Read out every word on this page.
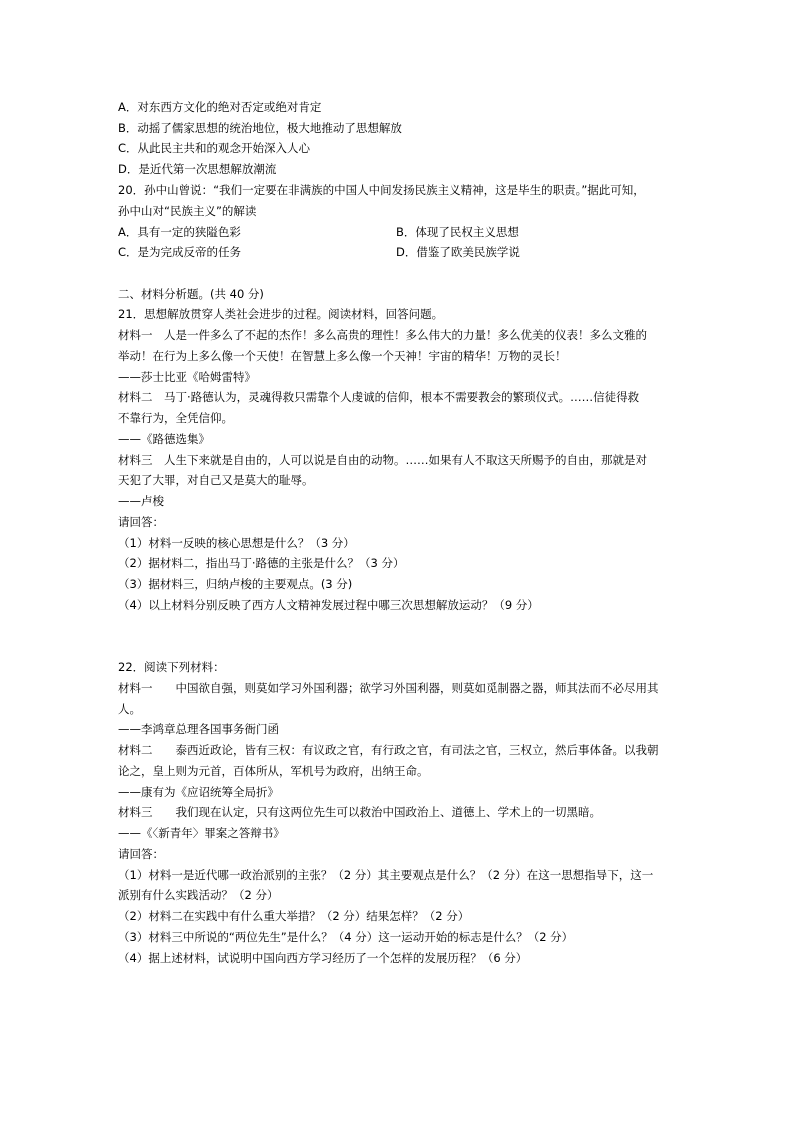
A．对东西方文化的绝对否定或绝对肯定
B．动摇了儒家思想的统治地位，极大地推动了思想解放
C．从此民主共和的观念开始深入人心
D．是近代第一次思想解放潮流
20．孙中山曾说：“我们一定要在非满族的中国人中间发扬民族主义精神，这是毕生的职责。”据此可知，
孙中山对“民族主义”的解读
A．具有一定的狭隘色彩	B．体现了民权主义思想
C．是为完成反帝的任务	D．借鉴了欧美民族学说
二、材料分析题。(共 40 分)
21．思想解放贯穿人类社会进步的过程。阅读材料，回答问题。
材料一　人是一件多么了不起的杰作！多么高贵的理性！多么伟大的力量！多么优美的仪表！多么文雅的
举动！在行为上多么像一个天使！在智慧上多么像一个天神！宇宙的精华！万物的灵长！
——莎士比亚《哈姆雷特》
材料二　马丁·路德认为，灵魂得救只需靠个人虔诚的信仰，根本不需要教会的繁琐仪式。……信徒得救
不靠行为，全凭信仰。
——《路德选集》
材料三　人生下来就是自由的，人可以说是自由的动物。……如果有人不取这天所赐予的自由，那就是对
天犯了大罪，对自己又是莫大的耻辱。
——卢梭
请回答：
（1）材料一反映的核心思想是什么？（3 分）
（2）据材料二，指出马丁·路德的主张是什么？（3 分）
（3）据材料三，归纳卢梭的主要观点。(3 分)
（4）以上材料分别反映了西方人文精神发展过程中哪三次思想解放运动？（9 分）
22．阅读下列材料：
材料一　　中国欲自强，则莫如学习外国利器；欲学习外国利器，则莫如觅制器之器，师其法而不必尽用其
人。
——李鸿章总理各国事务衙门函
材料二　　泰西近政论，皆有三权：有议政之官，有行政之官，有司法之官，三权立，然后事体备。以我朝
论之，皇上则为元首，百体所从，军机号为政府，出纳王命。
——康有为《应诏统筹全局折》
材料三　　我们现在认定，只有这两位先生可以救治中国政治上、道德上、学术上的一切黑暗。
——《〈新青年〉罪案之答辩书》
请回答：
（1）材料一是近代哪一政治派别的主张？（2 分）其主要观点是什么？（2 分）在这一思想指导下，这一
派别有什么实践活动？（2 分）
（2）材料二在实践中有什么重大举措？（2 分）结果怎样？（2 分）
（3）材料三中所说的“两位先生”是什么？（4 分）这一运动开始的标志是什么？（2 分）
（4）据上述材料，试说明中国向西方学习经历了一个怎样的发展历程？（6 分）
